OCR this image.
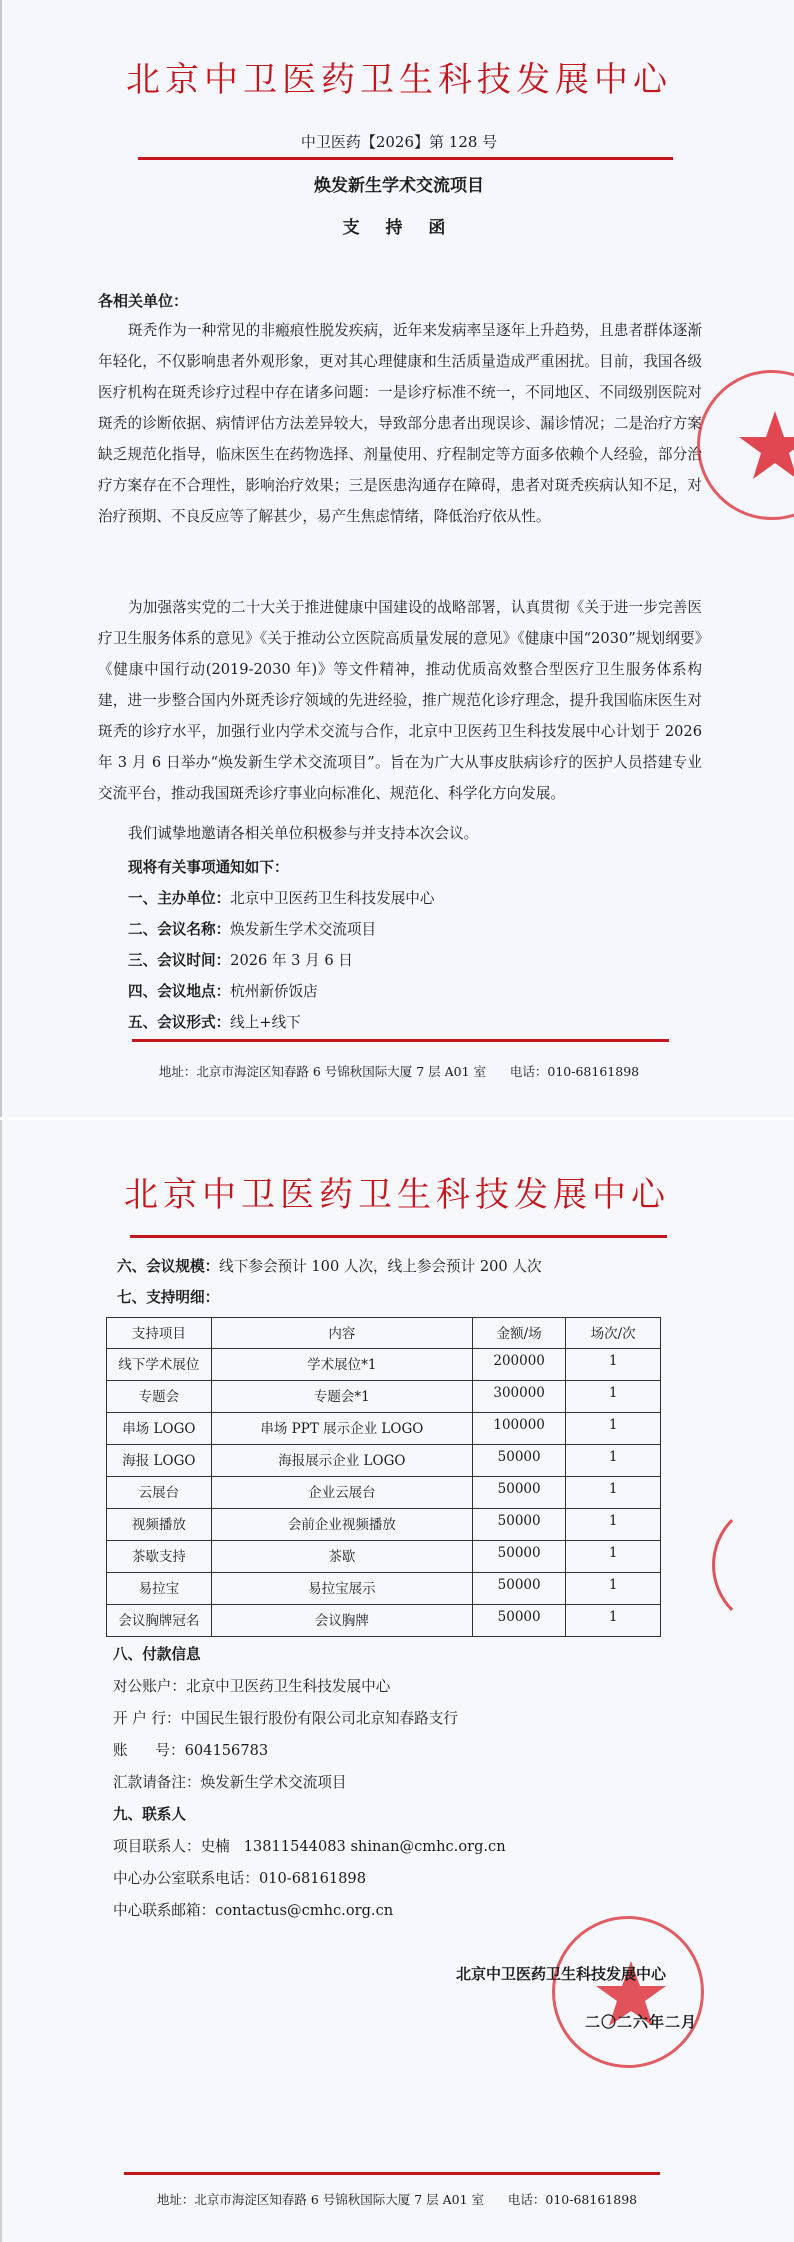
北京中卫医药卫生科技发展中心
中卫医药【2026】第 128 号
焕发新生学术交流项目
支 持 函
各相关单位：
斑秃作为一种常见的非瘢痕性脱发疾病，近年来发病率呈逐年上升趋势，且患者群体逐渐年轻化，不仅影响患者外观形象，更对其心理健康和生活质量造成严重困扰。目前，我国各级医疗机构在斑秃诊疗过程中存在诸多问题：一是诊疗标准不统一，不同地区、不同级别医院对斑秃的诊断依据、病情评估方法差异较大，导致部分患者出现误诊、漏诊情况；二是治疗方案缺乏规范化指导，临床医生在药物选择、剂量使用、疗程制定等方面多依赖个人经验，部分治疗方案存在不合理性，影响治疗效果；三是医患沟通存在障碍，患者对斑秃疾病认知不足，对治疗预期、不良反应等了解甚少，易产生焦虑情绪，降低治疗依从性。
为加强落实党的二十大关于推进健康中国建设的战略部署，认真贯彻《关于进一步完善医疗卫生服务体系的意见》《关于推动公立医院高质量发展的意见》《健康中国“2030”规划纲要》《健康中国行动(2019-2030 年)》等文件精神，推动优质高效整合型医疗卫生服务体系构建，进一步整合国内外斑秃诊疗领域的先进经验，推广规范化诊疗理念，提升我国临床医生对斑秃的诊疗水平，加强行业内学术交流与合作，北京中卫医药卫生科技发展中心计划于 2026 年 3 月 6 日举办“焕发新生学术交流项目”。旨在为广大从事皮肤病诊疗的医护人员搭建专业交流平台，推动我国斑秃诊疗事业向标准化、规范化、科学化方向发展。
我们诚挚地邀请各相关单位积极参与并支持本次会议。
现将有关事项通知如下：
一、主办单位：北京中卫医药卫生科技发展中心
二、会议名称：焕发新生学术交流项目
三、会议时间：2026 年 3 月 6 日
四、会议地点：杭州新侨饭店
五、会议形式：线上+线下
地址：北京市海淀区知春路 6 号锦秋国际大厦 7 层 A01 室      电话：010-68161898
北京中卫医药卫生科技发展中心
六、会议规模：线下参会预计 100 人次，线上参会预计 200 人次
七、支持明细：
支持项目	内容	金额/场	场次/次
线下学术展位	学术展位*1	200000	1
专题会	专题会*1	300000	1
串场 LOGO	串场 PPT 展示企业 LOGO	100000	1
海报 LOGO	海报展示企业 LOGO	50000	1
云展台	企业云展台	50000	1
视频播放	会前企业视频播放	50000	1
茶歇支持	茶歇	50000	1
易拉宝	易拉宝展示	50000	1
会议胸牌冠名	会议胸牌	50000	1
八、付款信息
对公账户：北京中卫医药卫生科技发展中心
开 户 行：中国民生银行股份有限公司北京知春路支行
账      号：604156783
汇款请备注：焕发新生学术交流项目
九、联系人
项目联系人：史楠   13811544083 shinan@cmhc.org.cn
中心办公室联系电话：010-68161898
中心联系邮箱：contactus@cmhc.org.cn
北京中卫医药卫生科技发展中心
二〇二六年二月
地址：北京市海淀区知春路 6 号锦秋国际大厦 7 层 A01 室      电话：010-68161898
